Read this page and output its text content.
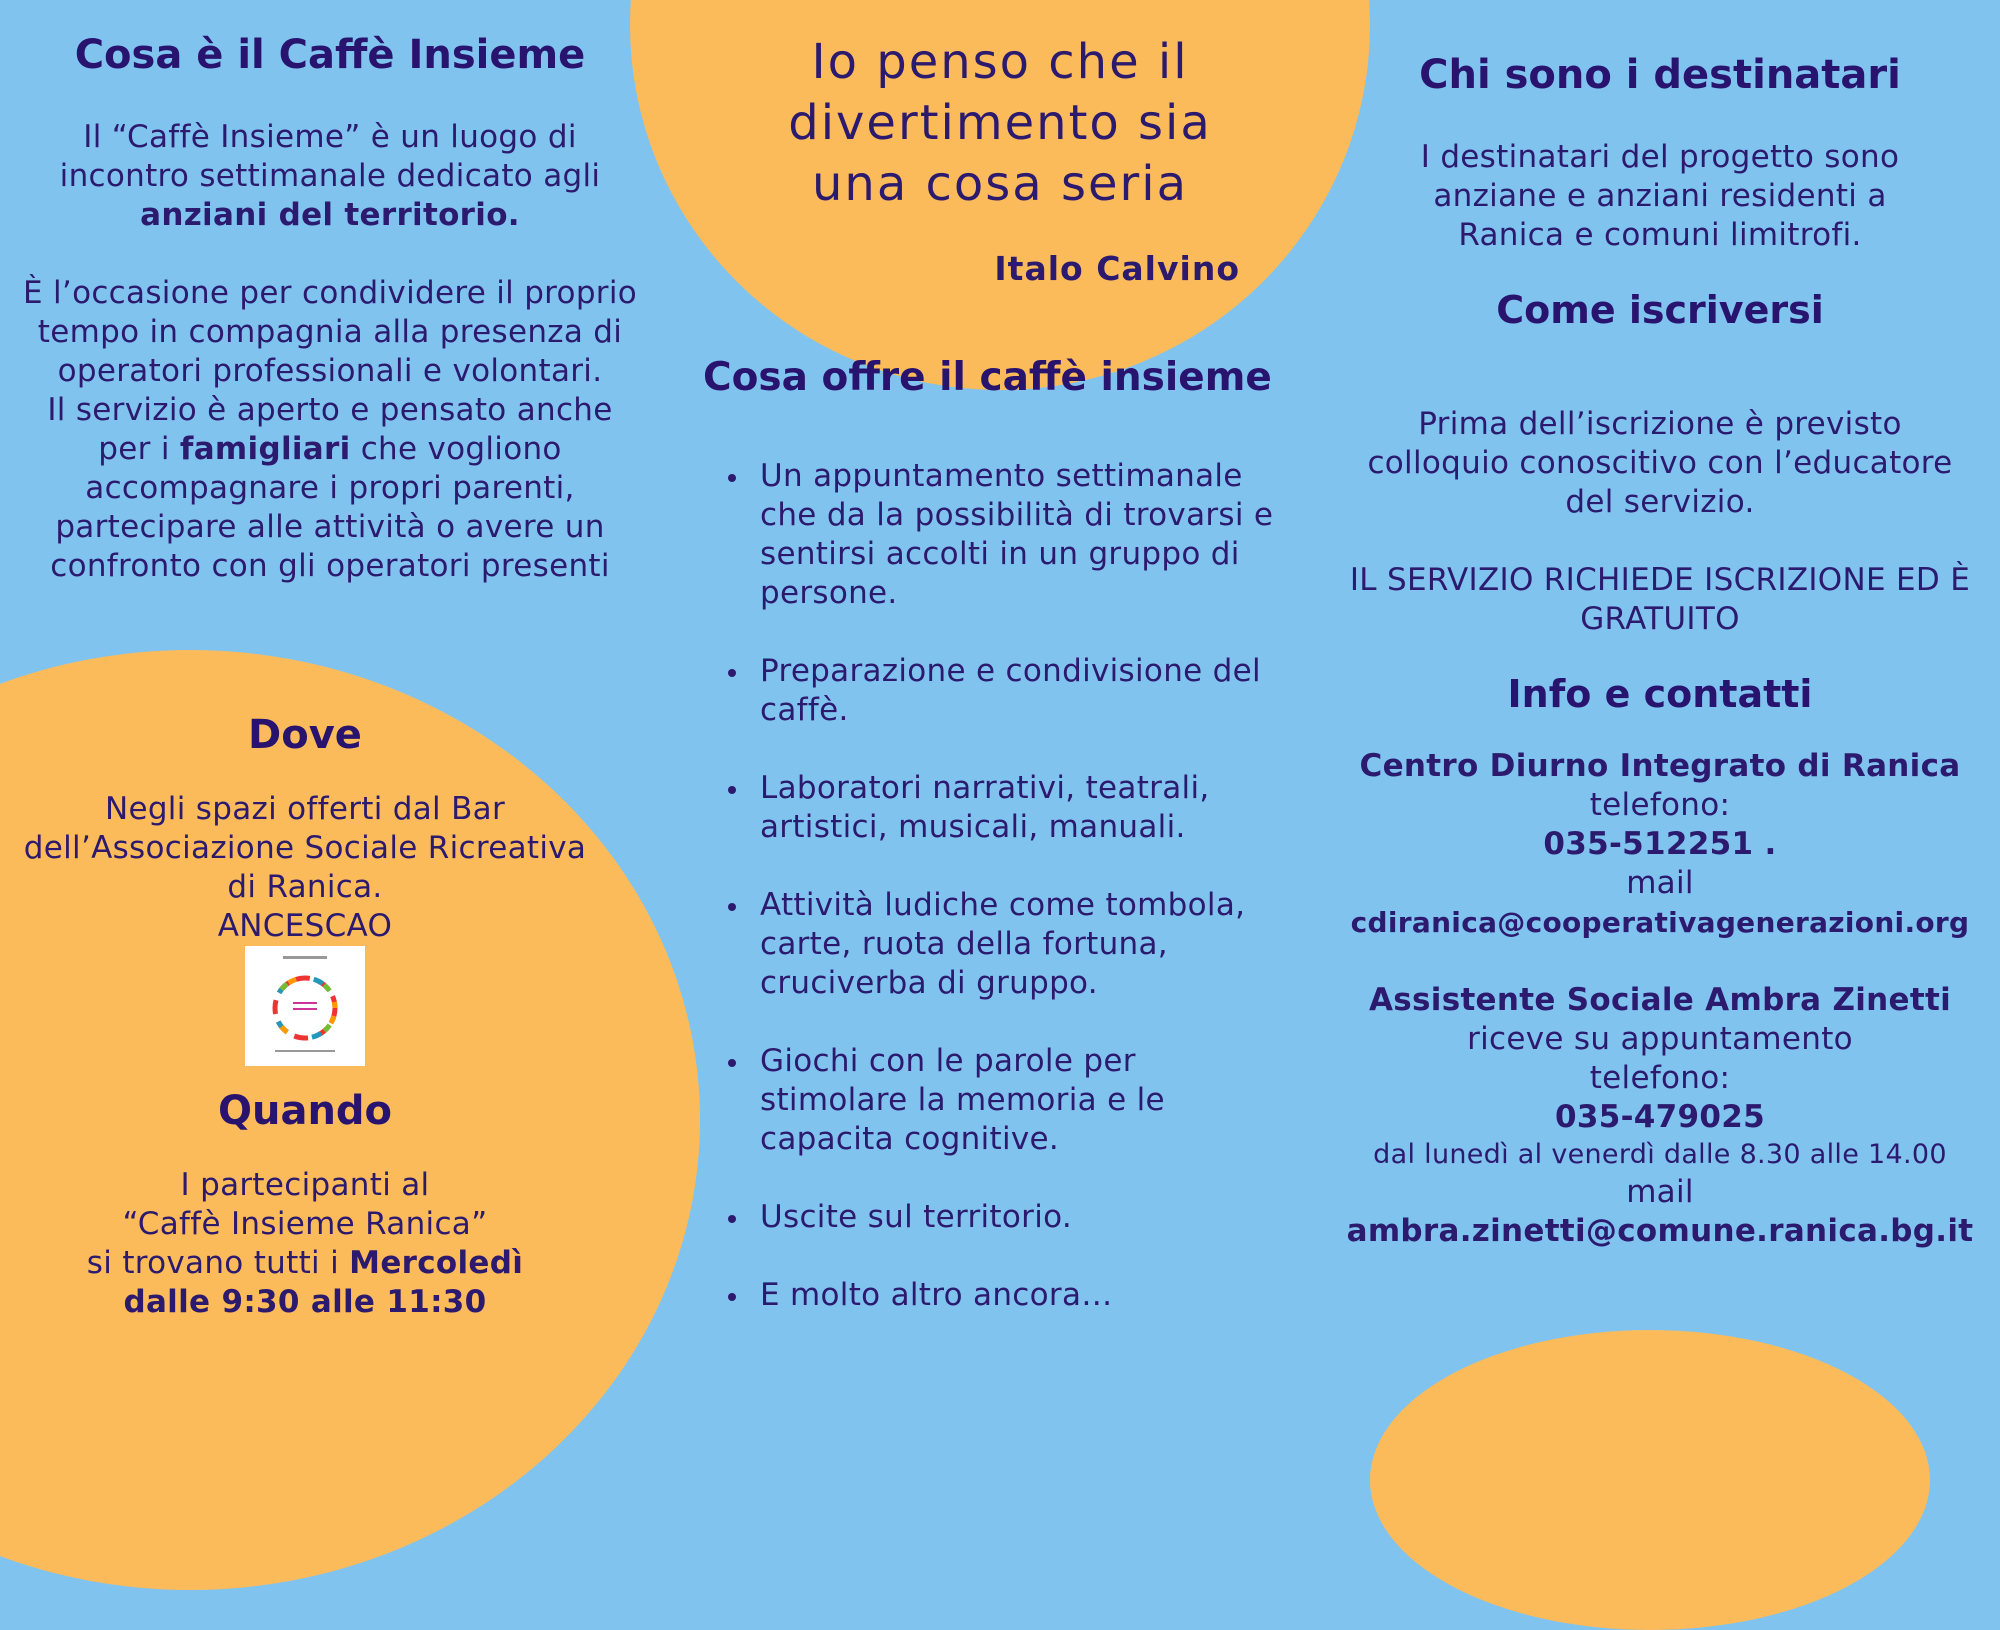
Cosa è il Caffè Insieme
Il “Caffè Insieme” è un luogo di incontro settimanale dedicato agli anziani del territorio.
È l’occasione per condividere il proprio tempo in compagnia alla presenza di operatori professionali e volontari.
Il servizio è aperto e pensato anche per i famigliari che vogliono accompagnare i propri parenti, partecipare alle attività o avere un confronto con gli operatori presenti
Dove
Negli spazi offerti dal Bar dell’Associazione Sociale Ricreativa di Ranica.
ANCESCAO
Quando
I partecipanti al
“Caffè Insieme Ranica”
si trovano tutti i Mercoledì
dalle 9:30 alle 11:30
Io penso che il
divertimento sia
una cosa seria
Italo Calvino
Cosa offre il caffè insieme
Un appuntamento settimanale che da la possibilità di trovarsi e sentirsi accolti in un gruppo di persone.
Preparazione e condivisione del caffè.
Laboratori narrativi, teatrali, artistici, musicali, manuali.
Attività ludiche come tombola, carte, ruota della fortuna, cruciverba di gruppo.
Giochi con le parole per stimolare la memoria e le capacita cognitive.
Uscite sul territorio.
E molto altro ancora…
Chi sono i destinatari
I destinatari del progetto sono anziane e anziani residenti a Ranica e comuni limitrofi.
Come iscriversi
Prima dell’iscrizione è previsto colloquio conoscitivo con l’educatore del servizio.
IL SERVIZIO RICHIEDE ISCRIZIONE ED È GRATUITO
Info e contatti
Centro Diurno Integrato di Ranica
telefono:
035-512251 .
mail
cdiranica@cooperativagenerazioni.org
Assistente Sociale Ambra Zinetti
riceve su appuntamento
telefono:
035-479025
dal lunedì al venerdì dalle 8.30 alle 14.00
mail
ambra.zinetti@comune.ranica.bg.it
